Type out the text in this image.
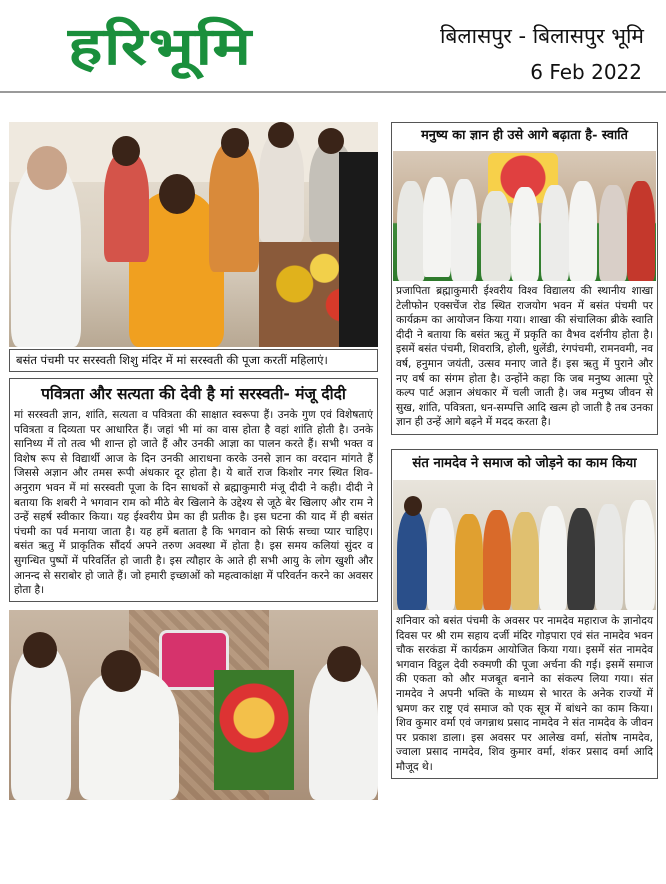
हरिभूमि	बिलासपुर - बिलासपुर भूमि
6 Feb 2022
बसंत पंचमी पर सरस्वती शिशु मंदिर में मां सरस्वती की पूजा करतीं महिलाएं।
पवित्रता और सत्यता की देवी है मां सरस्वती- मंजू दीदी
मां सरस्वती ज्ञान, शांति, सत्यता व पवित्रता की साक्षात स्वरूपा हैं। उनके गुण एवं विशेषताएं पवित्रता व दिव्यता पर आधारित हैं। जहां भी मां का वास होता है वहां शांति होती है। उनके सानिध्य में तो तत्व भी शान्त हो जाते हैं और उनकी आज्ञा का पालन करते हैं। सभी भक्त व विशेष रूप से विद्यार्थी आज के दिन उनकी आराधना करके उनसे ज्ञान का वरदान मांगते हैं जिससे अज्ञान और तमस रूपी अंधकार दूर होता है। ये बातें राज किशोर नगर स्थित शिव-अनुराग भवन में मां सरस्वती पूजा के दिन साधकों से ब्रह्माकुमारी मंजू दीदी ने कही। दीदी ने बताया कि शबरी ने भगवान राम को मीठे बेर खिलाने के उद्देश्य से जूठे बेर खिलाए और राम ने उन्हें सहर्ष स्वीकार किया। यह ईश्वरीय प्रेम का ही प्रतीक है। इस घटना की याद में ही बसंत पंचमी का पर्व मनाया जाता है। यह हमें बताता है कि भगवान को सिर्फ सच्चा प्यार चाहिए। बसंत ऋतु में प्राकृतिक सौंदर्य अपने तरुण अवस्था में होता है। इस समय कलियां सुंदर व सुगन्धित पुष्पों में परिवर्तित हो जाती है। इस त्यौहार के आते ही सभी आयु के लोग खुशी और आनन्द से सराबोर हो जाते हैं। जो हमारी इच्छाओं को महत्वाकांक्षा में परिवर्तन करने का अवसर होता है।
मनुष्य का ज्ञान ही उसे आगे बढ़ाता है- स्वाति
प्रजापिता ब्रह्माकुमारी ईश्वरीय विश्व विद्यालय की स्थानीय शाखा टेलीफोन एक्सचेंज रोड स्थित राजयोग भवन में बसंत पंचमी पर कार्यक्रम का आयोजन किया गया। शाखा की संचालिका ब्रीके स्वाति दीदी ने बताया कि बसंत ऋतु में प्रकृति का वैभव दर्शनीय होता है। इसमें बसंत पंचमी, शिवरात्रि, होली, धुलेंडी, रंगपंचमी, रामनवमी, नव वर्ष, हनुमान जयंती, उत्सव मनाए जाते हैं। इस ऋतु में पुराने और नए वर्ष का संगम होता है। उन्होंने कहा कि जब मनुष्य आत्मा पूरे कल्प पार्ट अज्ञान अंधकार में चली जाती है। जब मनुष्य जीवन से सुख, शांति, पवित्रता, धन-सम्पत्ति आदि खत्म हो जाती है तब उनका ज्ञान ही उन्हें आगे बढ़ने में मदद करता है।
संत नामदेव ने समाज को जोड़ने का काम किया
शनिवार को बसंत पंचमी के अवसर पर नामदेव महाराज के ज्ञानोदय दिवस पर श्री राम सहाय दर्जी मंदिर गोड़पारा एवं संत नामदेव भवन चौक सरकंडा में कार्यक्रम आयोजित किया गया। इसमें संत नामदेव भगवान विट्ठल देवी रुक्मणी की पूजा अर्चना की गई। इसमें समाज की एकता को और मजबूत बनाने का संकल्प लिया गया। संत नामदेव ने अपनी भक्ति के माध्यम से भारत के अनेक राज्यों में भ्रमण कर राष्ट्र एवं समाज को एक सूत्र में बांधने का काम किया। शिव कुमार वर्मा एवं जगन्नाथ प्रसाद नामदेव ने संत नामदेव के जीवन पर प्रकाश डाला। इस अवसर पर आलेख वर्मा, संतोष नामदेव, ज्वाला प्रसाद नामदेव, शिव कुमार वर्मा, शंकर प्रसाद वर्मा आदि मौजूद थे।
